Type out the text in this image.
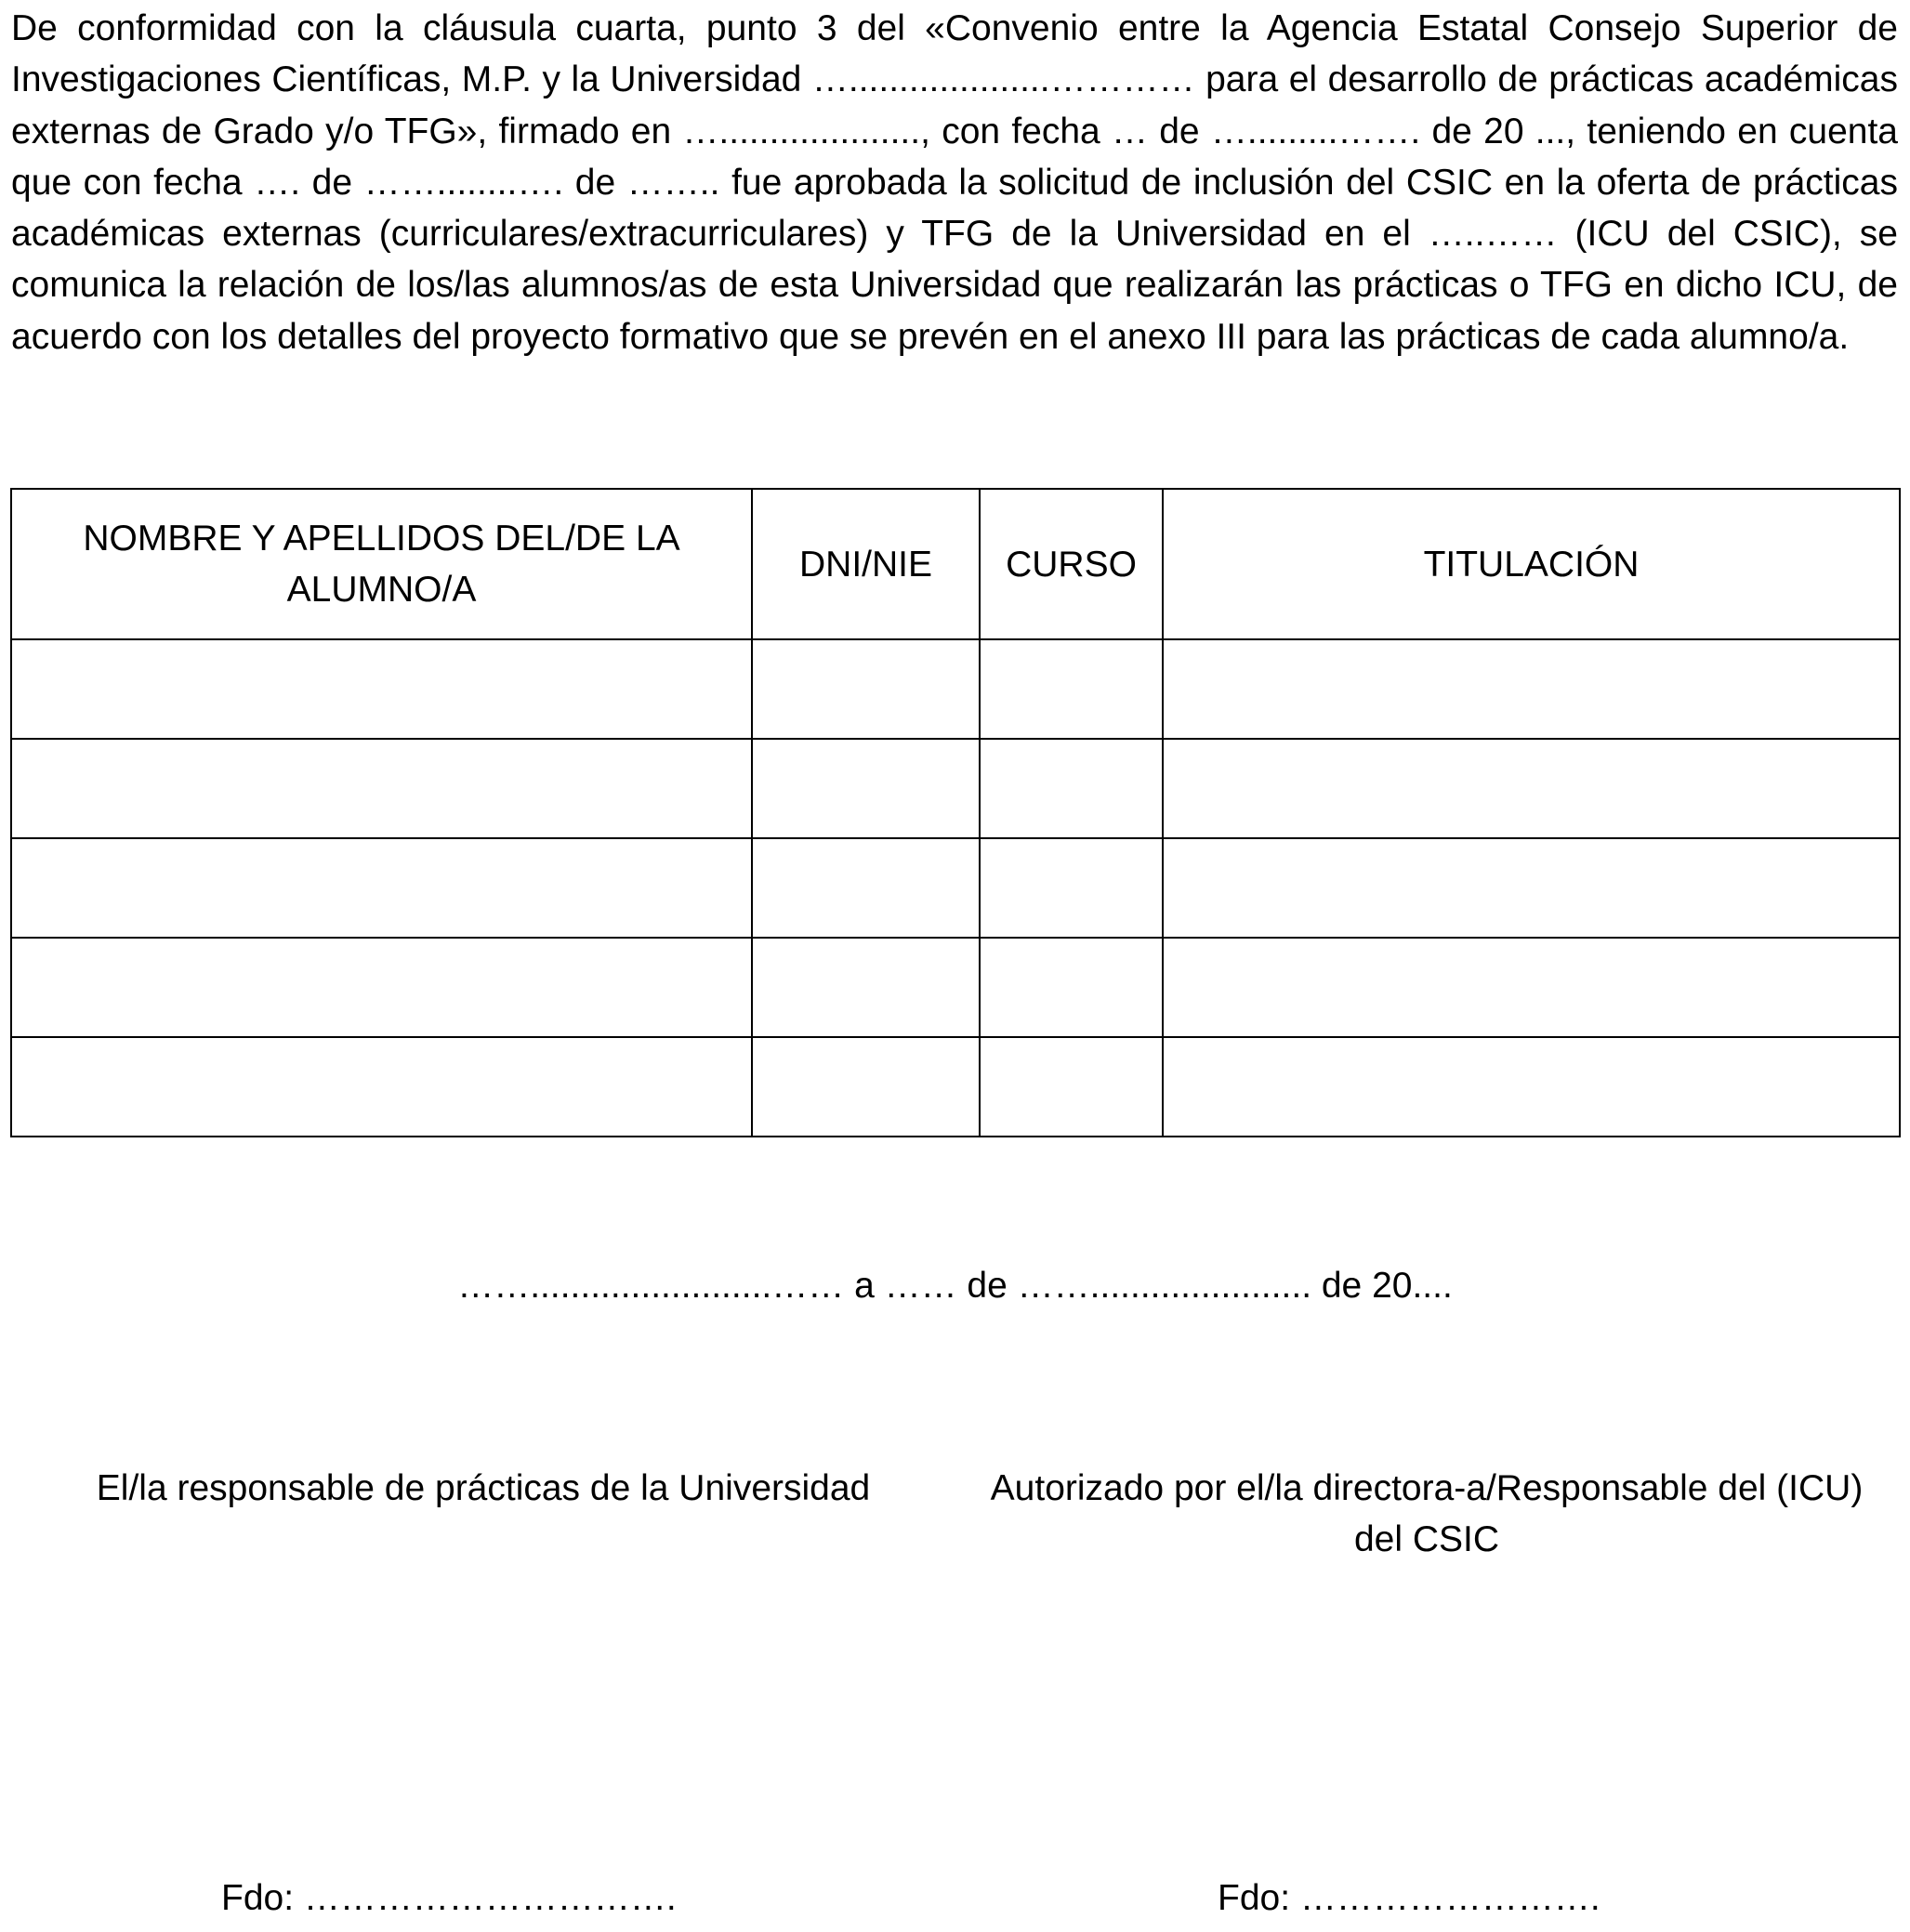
De conformidad con la cláusula cuarta, punto 3 del «Convenio entre la Agencia Estatal Consejo Superior de Investigaciones Científicas, M.P. y la Universidad …....................………… para el desarrollo de prácticas académicas externas de Grado y/o TFG», firmado en …...................., con fecha … de ….........……. de 20 ..., teniendo en cuenta que con fecha …. de ……........…. de …….. fue aprobada la solicitud de inclusión del CSIC en la oferta de prácticas académicas externas (curriculares/extracurriculares) y TFG de la Universidad en el …..…… (ICU del CSIC), se comunica la relación de los/las alumnos/as de esta Universidad que realizarán las prácticas o TFG en dicho ICU, de acuerdo con los detalles del proyecto formativo que se prevén en el anexo III para las prácticas de cada alumno/a.

NOMBRE Y APELLIDOS DEL/DE LA ALUMNO/A	DNI/NIE	CURSO	TITULACIÓN

……........................…… a …… de ……...................... de 20....
El/la responsable de prácticas de la Universidad	Autorizado por el/la directora-a/Responsable del (ICU) del CSIC
Fdo: ………………………….	Fdo: …………………….
